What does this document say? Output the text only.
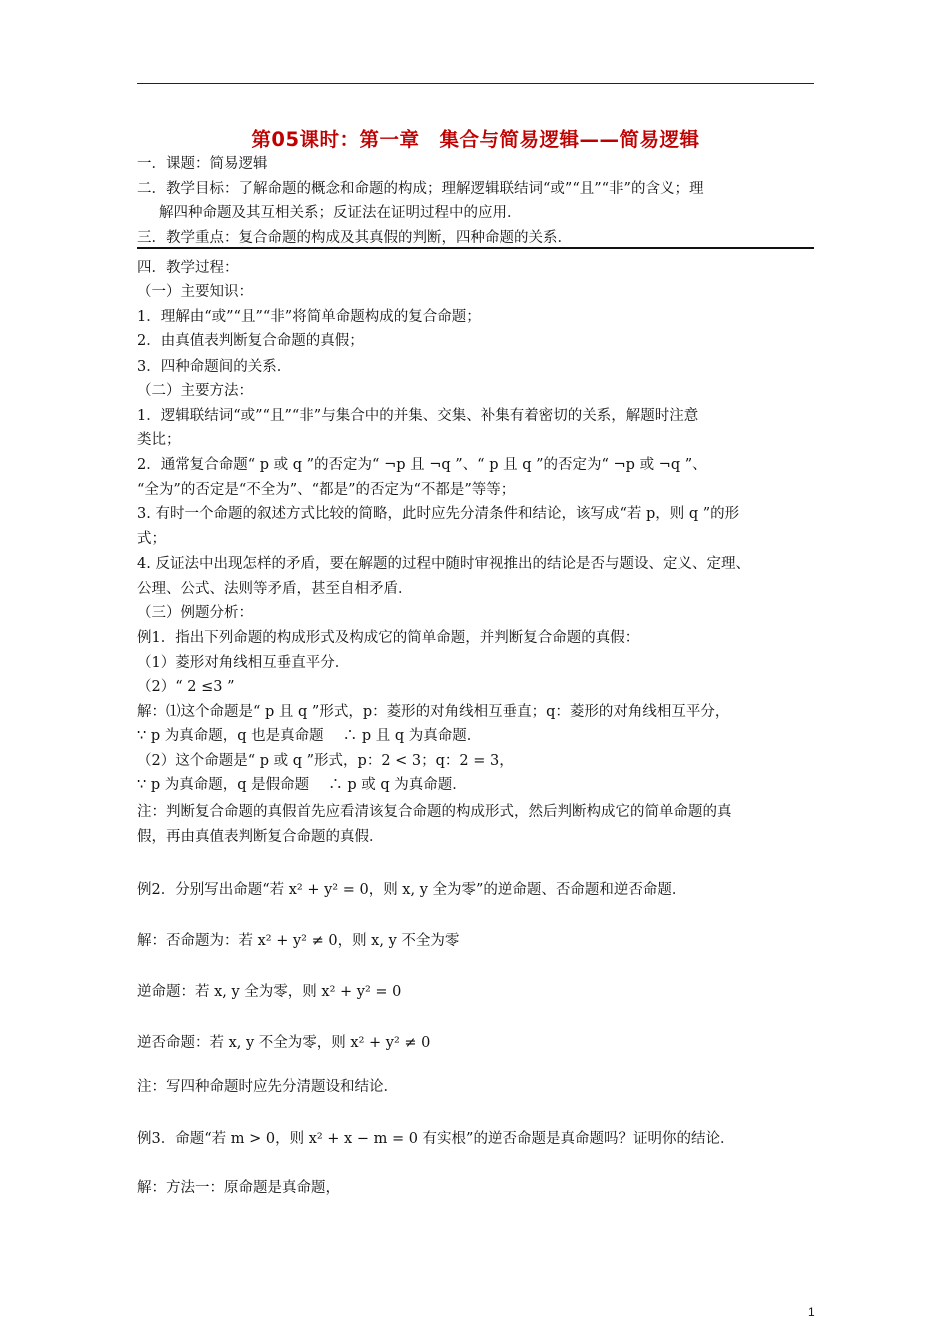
第05课时：第一章　集合与简易逻辑——简易逻辑
一．课题：简易逻辑
二．教学目标：了解命题的概念和命题的构成；理解逻辑联结词“或”“且”“非”的含义；理
解四种命题及其互相关系；反证法在证明过程中的应用．
三．教学重点：复合命题的构成及其真假的判断，四种命题的关系．
四．教学过程：
（一）主要知识：
1．理解由“或”“且”“非”将简单命题构成的复合命题；
2．由真值表判断复合命题的真假；
3．四种命题间的关系．
（二）主要方法：
1．逻辑联结词“或”“且”“非”与集合中的并集、交集、补集有着密切的关系，解题时注意
类比；
2．通常复合命题“ p 或 q ”的否定为“ ¬p 且 ¬q ”、“ p 且 q ”的否定为“ ¬p 或 ¬q ”、
“全为”的否定是“不全为”、“都是”的否定为“不都是”等等；
3. 有时一个命题的叙述方式比较的简略，此时应先分清条件和结论，该写成“若 p，则 q ”的形
式；
4. 反证法中出现怎样的矛盾，要在解题的过程中随时审视推出的结论是否与题设、定义、定理、
公理、公式、法则等矛盾，甚至自相矛盾．
（三）例题分析：
例1．指出下列命题的构成形式及构成它的简单命题，并判断复合命题的真假：
（1）菱形对角线相互垂直平分．
（2）“ 2 ≤3 ”
解：⑴这个命题是“ p 且 q ”形式，p：菱形的对角线相互垂直；q：菱形的对角线相互平分，
∵ p 为真命题，q 也是真命题　 ∴ p 且 q 为真命题．
（2）这个命题是“ p 或 q ”形式，p：2 < 3；q：2 = 3，
∵ p 为真命题，q 是假命题　 ∴ p 或 q 为真命题．
注：判断复合命题的真假首先应看清该复合命题的构成形式，然后判断构成它的简单命题的真
假，再由真值表判断复合命题的真假．
例2．分别写出命题“若 x² + y² = 0，则 x, y 全为零”的逆命题、否命题和逆否命题．
解：否命题为：若 x² + y² ≠ 0，则 x, y 不全为零
逆命题：若 x, y 全为零，则 x² + y² = 0
逆否命题：若 x, y 不全为零，则 x² + y² ≠ 0
注：写四种命题时应先分清题设和结论．
例3．命题“若 m > 0，则 x² + x − m = 0 有实根”的逆否命题是真命题吗？证明你的结论．
解：方法一：原命题是真命题，
1
